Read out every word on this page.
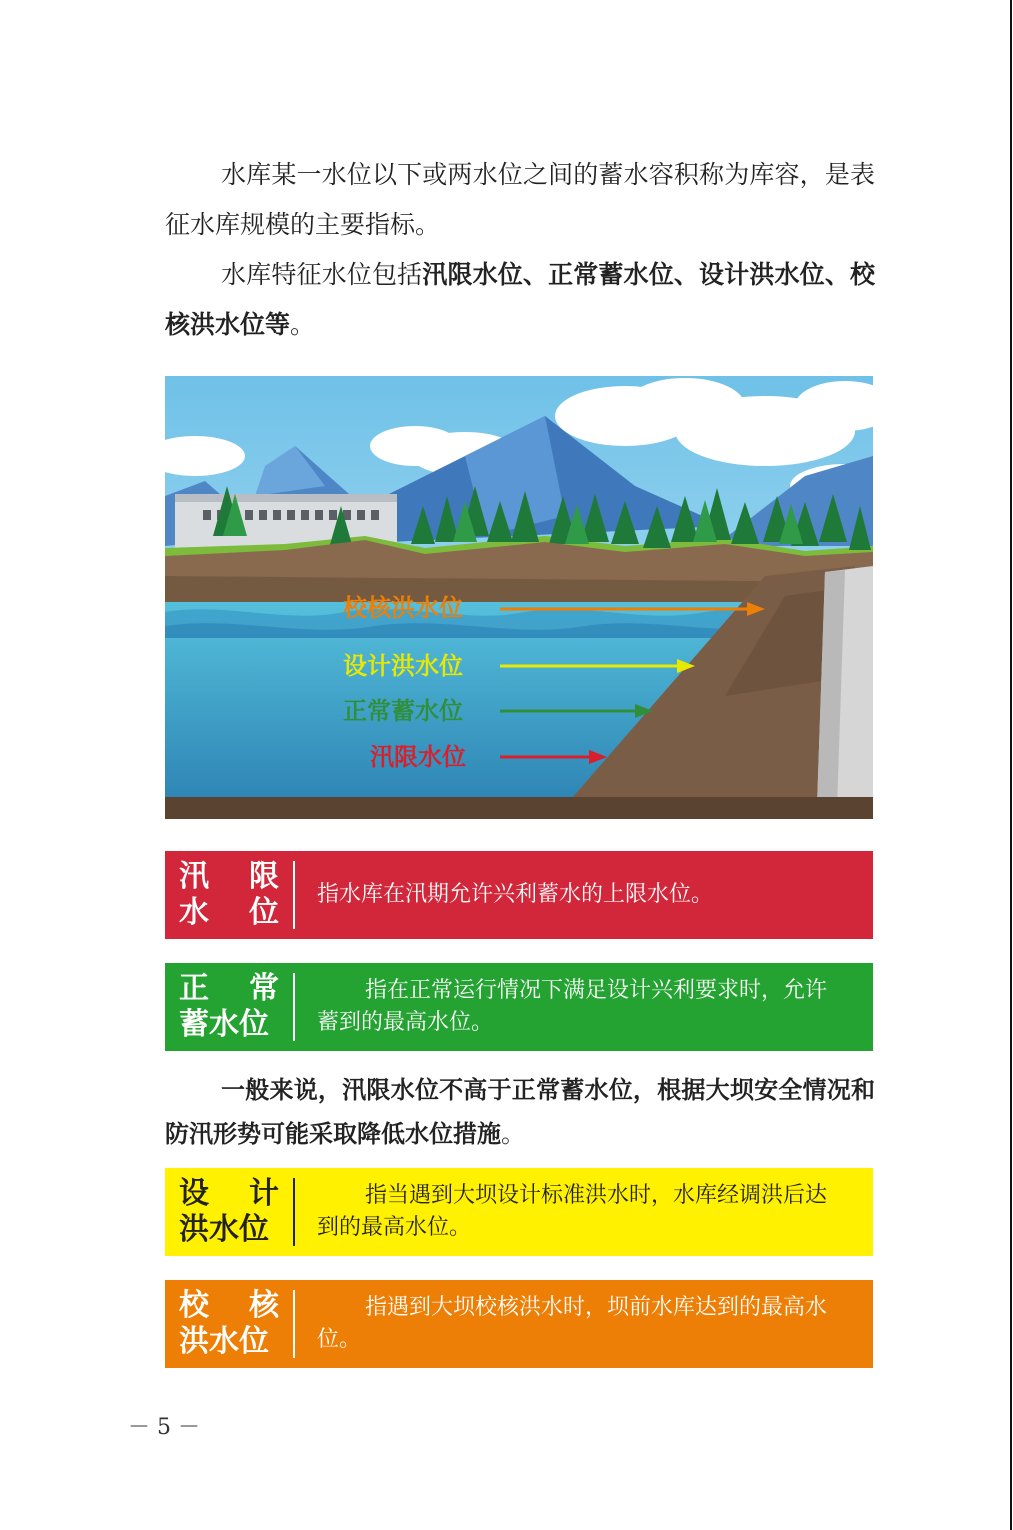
水库某一水位以下或两水位之间的蓄水容积称为库容，是表征水库规模的主要指标。

水库特征水位包括汛限水位、正常蓄水位、设计洪水位、校核洪水位等。

校核洪水位
设计洪水位
正常蓄水位
汛限水位
汛 限
水 位
指水库在汛期允许兴利蓄水的上限水位。
正 常
蓄水位
指在正常运行情况下满足设计兴利要求时，允许蓄到的最高水位。

一般来说，汛限水位不高于正常蓄水位，根据大坝安全情况和防汛形势可能采取降低水位措施。

设 计
洪水位
指当遇到大坝设计标准洪水时，水库经调洪后达到的最高水位。
校 核
洪水位
指遇到大坝校核洪水时，坝前水库达到的最高水位。
－ 5 －
